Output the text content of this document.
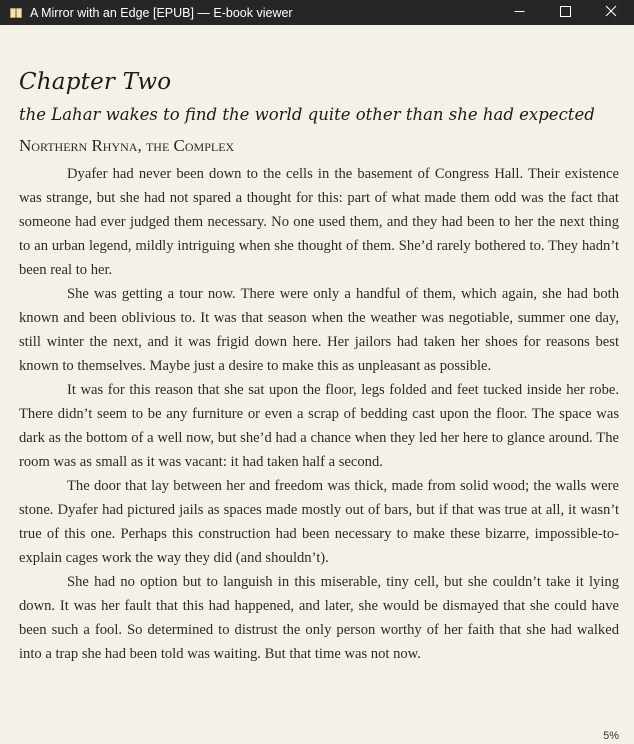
A Mirror with an Edge [EPUB] — E-book viewer
Chapter Two
the Lahar wakes to find the world quite other than she had expected
Northern Rhyna, the Complex

Dyafer had never been down to the cells in the basement of Congress Hall. Their existence was strange, but she had not spared a thought for this: part of what made them odd was the fact that someone had ever judged them necessary. No one used them, and they had been to her the next thing to an urban legend, mildly intriguing when she thought of them. She’d rarely bothered to. They hadn’t been real to her.

She was getting a tour now. There were only a handful of them, which again, she had both known and been oblivious to. It was that season when the weather was negotiable, summer one day, still winter the next, and it was frigid down here. Her jailors had taken her shoes for reasons best known to themselves. Maybe just a desire to make this as unpleasant as possible.

It was for this reason that she sat upon the floor, legs folded and feet tucked inside her robe. There didn’t seem to be any furniture or even a scrap of bedding cast upon the floor. The space was dark as the bottom of a well now, but she’d had a chance when they led her here to glance around. The room was as small as it was vacant: it had taken half a second.

The door that lay between her and freedom was thick, made from solid wood; the walls were stone. Dyafer had pictured jails as spaces made mostly out of bars, but if that was true at all, it wasn’t true of this one. Perhaps this construction had been necessary to make these bizarre, impossible-to-explain cages work the way they did (and shouldn’t).

She had no option but to languish in this miserable, tiny cell, but she couldn’t take it lying down. It was her fault that this had happened, and later, she would be dismayed that she could have been such a fool. So determined to distrust the only person worthy of her faith that she had walked into a trap she had been told was waiting. But that time was not now.

5%
